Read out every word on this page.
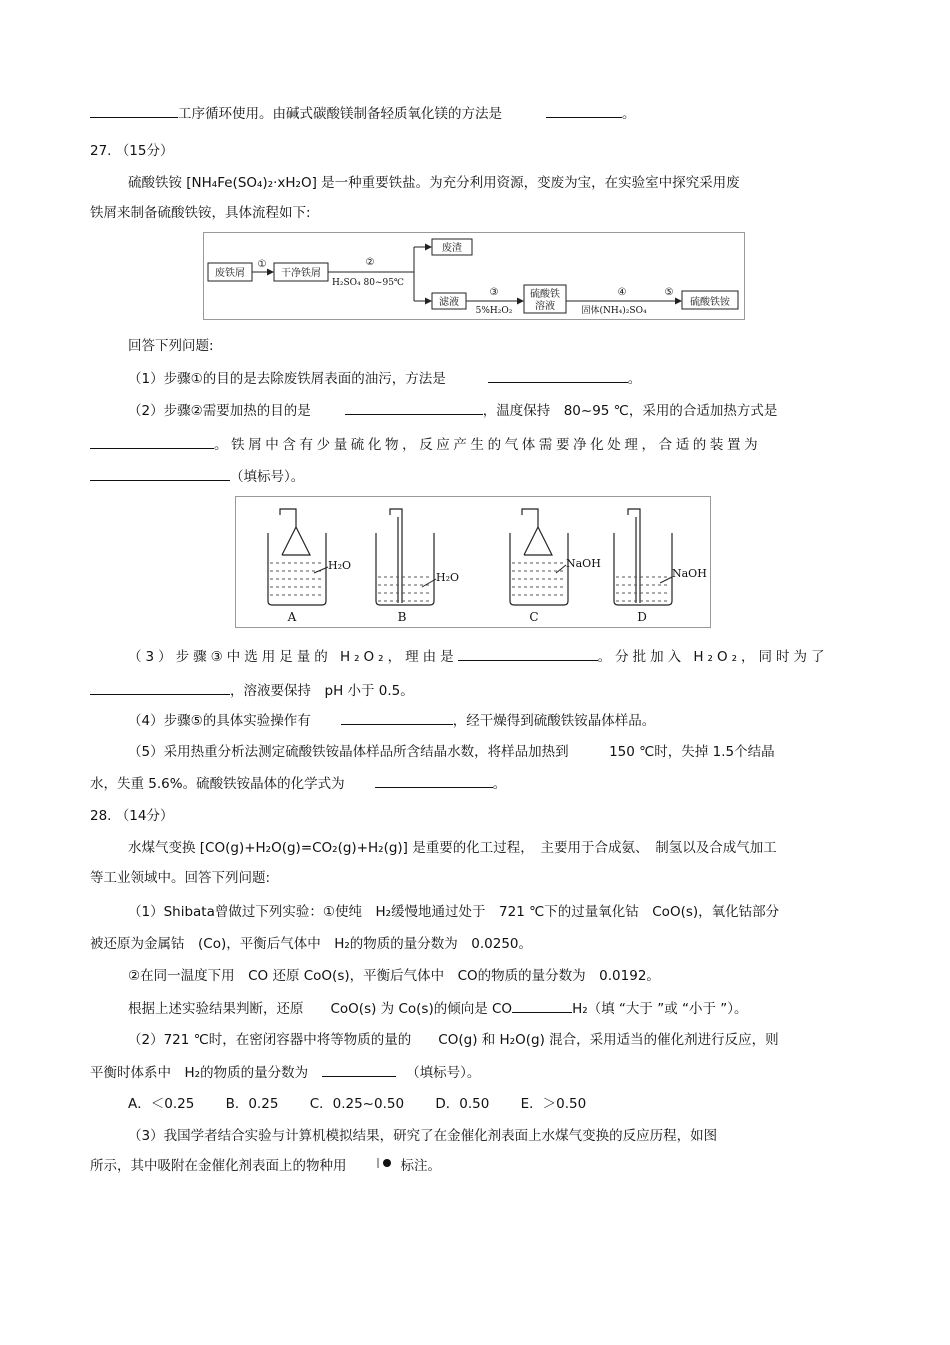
工序循环使用。由碱式碳酸镁制备轻质氧化镁的方法是	。
27. （15分）
硫酸铁铵 [NH₄Fe(SO₄)₂·xH₂O] 是一种重要铁盐。为充分利用资源，变废为宝，在实验室中探究采用废
铁屑来制备硫酸铁铵，具体流程如下:
废铁屑	干净铁屑
废渣
滤液
硫酸铁
溶液	硫酸铁铵
①	②
③	④	⑤
H₂SO₄ 80~95℃
5%H₂O₂	固体(NH₄)₂SO₄
回答下列问题:
（1）步骤①的目的是去除废铁屑表面的油污，方法是	。
（2）步骤②需要加热的目的是	，温度保持　80~95 ℃，采用的合适加热方式是
。铁屑中含有少量硫化物，反应产生的气体需要净化处理，合适的装置为
（填标号）。
H₂O
H₂O
NaOH
NaOH
A	B	C	D
（3）步骤③中选用足量的 H₂O₂，理由是	。分批加入 H₂O₂，同时为了
，溶液要保持　pH 小于 0.5。
（4）步骤⑤的具体实验操作有	，经干燥得到硫酸铁铵晶体样品。
（5）采用热重分析法测定硫酸铁铵晶体样品所含结晶水数，将样品加热到　　　150 ℃时，失掉 1.5个结晶
水，失重 5.6%。硫酸铁铵晶体的化学式为	。
28. （14分）
水煤气变换 [CO(g)+H₂O(g)=CO₂(g)+H₂(g)] 是重要的化工过程，　主要用于合成氨、　制氢以及合成气加工
等工业领域中。回答下列问题:
（1）Shibata曾做过下列实验：①使纯　H₂缓慢地通过处于　721 ℃下的过量氧化钴　CoO(s)，氧化钴部分
被还原为金属钴　(Co)，平衡后气体中　H₂的物质的量分数为　0.0250。
②在同一温度下用　CO 还原 CoO(s)，平衡后气体中　CO的物质的量分数为　0.0192。
根据上述实验结果判断，还原　　CoO(s) 为 Co(s)的倾向是 CO	H₂（填 “大于 ”或 “小于 ”）。
（2）721 ℃时，在密闭容器中将等物质的量的　　CO(g) 和 H₂O(g) 混合，采用适当的催化剂进行反应，则
平衡时体系中　H₂的物质的量分数为	（填标号）。
A．＜0.25　　 B．0.25　　 C．0.25~0.50　　 D．0.50　　 E．＞0.50
（3）我国学者结合实验与计算机模拟结果，研究了在金催化剂表面上水煤气变换的反应历程，如图
所示，其中吸附在金催化剂表面上的物种用	标注。
